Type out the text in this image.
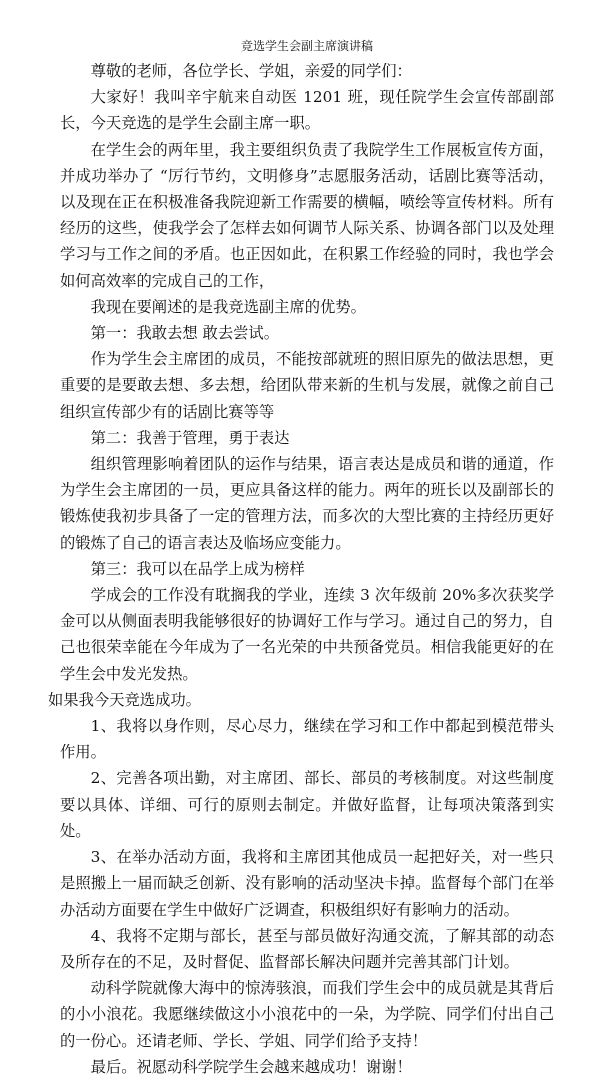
竞选学生会副主席演讲稿

尊敬的老师，各位学长、学姐，亲爱的同学们：

大家好！我叫辛宇航来自动医 1201 班，现任院学生会宣传部副部长，今天竞选的是学生会副主席一职。

在学生会的两年里，我主要组织负责了我院学生工作展板宣传方面，并成功举办了 “厉行节约，文明修身”志愿服务活动，话剧比赛等活动，以及现在正在积极准备我院迎新工作需要的横幅，喷绘等宣传材料。所有经历的这些，使我学会了怎样去如何调节人际关系、协调各部门以及处理学习与工作之间的矛盾。也正因如此，在积累工作经验的同时，我也学会如何高效率的完成自己的工作，

我现在要阐述的是我竞选副主席的优势。

第一：我敢去想 敢去尝试。

作为学生会主席团的成员，不能按部就班的照旧原先的做法思想，更重要的是要敢去想、多去想，给团队带来新的生机与发展，就像之前自己组织宣传部少有的话剧比赛等等

第二：我善于管理，勇于表达

组织管理影响着团队的运作与结果，语言表达是成员和谐的通道，作为学生会主席团的一员，更应具备这样的能力。两年的班长以及副部长的锻炼使我初步具备了一定的管理方法，而多次的大型比赛的主持经历更好的锻炼了自己的语言表达及临场应变能力。

第三：我可以在品学上成为榜样

学成会的工作没有耽搁我的学业，连续 3 次年级前 20%多次获奖学金可以从侧面表明我能够很好的协调好工作与学习。通过自己的努力，自己也很荣幸能在今年成为了一名光荣的中共预备党员。相信我能更好的在学生会中发光发热。

如果我今天竞选成功。

1、我将以身作则，尽心尽力，继续在学习和工作中都起到模范带头作用。

2、完善各项出勤，对主席团、部长、部员的考核制度。对这些制度要以具体、详细、可行的原则去制定。并做好监督，让每项决策落到实处。

3、在举办活动方面，我将和主席团其他成员一起把好关，对一些只是照搬上一届而缺乏创新、没有影响的活动坚决卡掉。监督每个部门在举办活动方面要在学生中做好广泛调查，积极组织好有影响力的活动。

4、我将不定期与部长，甚至与部员做好沟通交流，了解其部的动态及所存在的不足，及时督促、监督部长解决问题并完善其部门计划。

动科学院就像大海中的惊涛骇浪，而我们学生会中的成员就是其背后的小小浪花。我愿继续做这小小浪花中的一朵，为学院、同学们付出自己的一份心。还请老师、学长、学姐、同学们给予支持！

最后。祝愿动科学院学生会越来越成功！谢谢！
